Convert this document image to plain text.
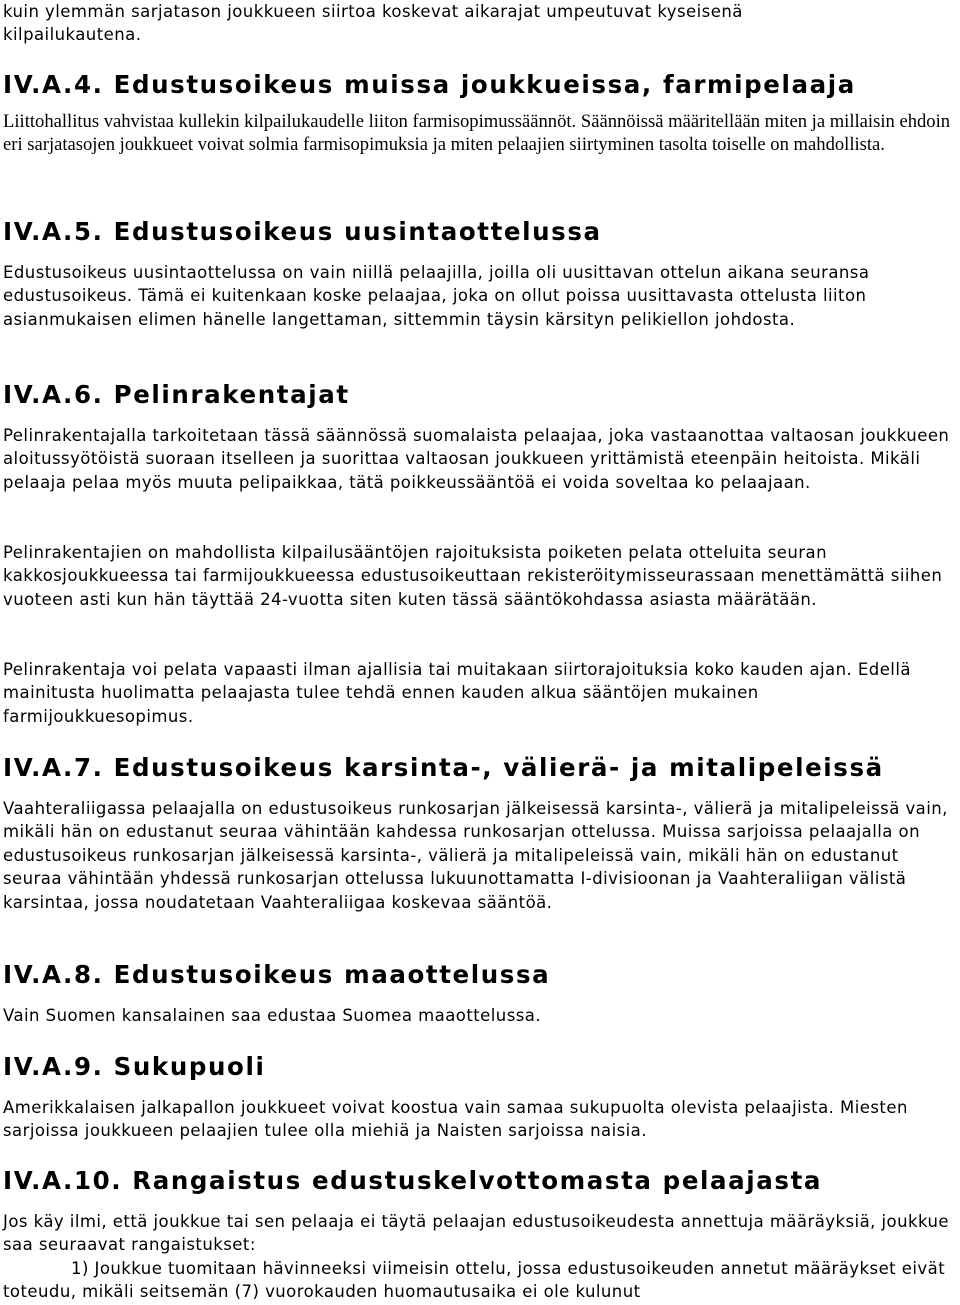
kuin ylemmän sarjatason joukkueen siirtoa koskevat aikarajat umpeutuvat kyseisenä
kilpailukautena.
IV.A.4. Edustusoikeus muissa joukkueissa, farmipelaaja

Liittohallitus vahvistaa kullekin kilpailukaudelle liiton farmisopimussäännöt. Säännöissä määritellään miten ja millaisin ehdoin eri sarjatasojen joukkueet voivat solmia farmisopimuksia ja miten pelaajien siirtyminen tasolta toiselle on mahdollista.

IV.A.5. Edustusoikeus uusintaottelussa

Edustusoikeus uusintaottelussa on vain niillä pelaajilla, joilla oli uusittavan ottelun aikana seuransa edustusoikeus. Tämä ei kuitenkaan koske pelaajaa, joka on ollut poissa uusittavasta ottelusta liiton asianmukaisen elimen hänelle langettaman, sittemmin täysin kärsityn pelikiellon johdosta.

IV.A.6. Pelinrakentajat

Pelinrakentajalla tarkoitetaan tässä säännössä suomalaista pelaajaa, joka vastaanottaa valtaosan joukkueen aloitussyötöistä suoraan itselleen ja suorittaa valtaosan joukkueen yrittämistä eteenpäin heitoista. Mikäli pelaaja pelaa myös muuta pelipaikkaa, tätä poikkeussääntöä ei voida soveltaa ko pelaajaan.

Pelinrakentajien on mahdollista kilpailusääntöjen rajoituksista poiketen pelata otteluita seuran kakkosjoukkueessa tai farmijoukkueessa edustusoikeuttaan rekisteröitymisseurassaan menettämättä siihen vuoteen asti kun hän täyttää 24-vuotta siten kuten tässä sääntökohdassa asiasta määrätään.

Pelinrakentaja voi pelata vapaasti ilman ajallisia tai muitakaan siirtorajoituksia koko kauden ajan. Edellä mainitusta huolimatta pelaajasta tulee tehdä ennen kauden alkua sääntöjen mukainen farmijoukkuesopimus.

IV.A.7. Edustusoikeus karsinta-, välierä- ja mitalipeleissä

Vaahteraliigassa pelaajalla on edustusoikeus runkosarjan jälkeisessä karsinta-, välierä ja mitalipeleissä vain, mikäli hän on edustanut seuraa vähintään kahdessa runkosarjan ottelussa. Muissa sarjoissa pelaajalla on edustusoikeus runkosarjan jälkeisessä karsinta-, välierä ja mitalipeleissä vain, mikäli hän on edustanut seuraa vähintään yhdessä runkosarjan ottelussa lukuunottamatta I-divisioonan ja Vaahteraliigan välistä karsintaa, jossa noudatetaan Vaahteraliigaa koskevaa sääntöä.

IV.A.8. Edustusoikeus maaottelussa

Vain Suomen kansalainen saa edustaa Suomea maaottelussa.

IV.A.9. Sukupuoli

Amerikkalaisen jalkapallon joukkueet voivat koostua vain samaa sukupuolta olevista pelaajista. Miesten sarjoissa joukkueen pelaajien tulee olla miehiä ja Naisten sarjoissa naisia.

IV.A.10. Rangaistus edustuskelvottomasta pelaajasta

Jos käy ilmi, että joukkue tai sen pelaaja ei täytä pelaajan edustusoikeudesta annettuja määräyksiä, joukkue saa seuraavat rangaistukset:

1) Joukkue tuomitaan hävinneeksi viimeisin ottelu, jossa edustusoikeuden annetut määräykset eivät toteudu, mikäli seitsemän (7) vuorokauden huomautusaika ei ole kulunut
